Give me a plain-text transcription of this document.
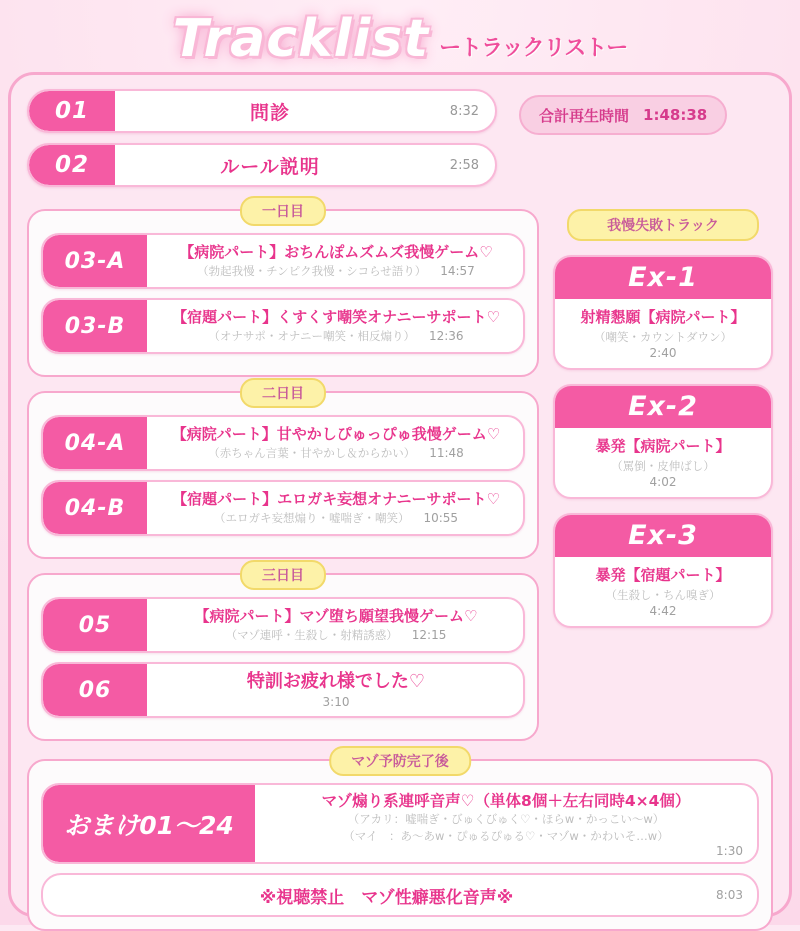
Tracklist ートラックリストー
01	問診	8:32
02	ルール説明	2:58
合計再生時間 1:48:38
一日目
03-A	【病院パート】おちんぽムズムズ我慢ゲーム♡
（勃起我慢・チンピク我慢・シコらせ語り） 14:57
03-B	【宿題パート】くすくす嘲笑オナニーサポート♡
（オナサポ・オナニー嘲笑・相反煽り） 12:36
二日目
04-A	【病院パート】甘やかしぴゅっぴゅ我慢ゲーム♡
（赤ちゃん言葉・甘やかし＆からかい） 11:48
04-B	【宿題パート】エロガキ妄想オナニーサポート♡
（エロガキ妄想煽り・嘘喘ぎ・嘲笑） 10:55
三日目
05	【病院パート】マゾ堕ち願望我慢ゲーム♡
（マゾ連呼・生殺し・射精誘惑） 12:15
06	特訓お疲れ様でした♡
3:10
我慢失敗トラック
Ex-1
射精懇願【病院パート】
（嘲笑・カウントダウン）
2:40
Ex-2
暴発【病院パート】
（罵倒・皮伸ばし）
4:02
Ex-3
暴発【宿題パート】
（生殺し・ちん嗅ぎ）
4:42
マゾ予防完了後
おまけ01〜24
マゾ煽り系連呼音声♡（単体8個＋左右同時4×4個）
（アカリ：嘘喘ぎ・びゅくびゅく♡・ほらw・かっこい〜w）
（マイ　：あ〜あw・ぴゅるぴゅる♡・マゾw・かわいそ…w）
1:30
※視聴禁止　マゾ性癖悪化音声※	8:03
